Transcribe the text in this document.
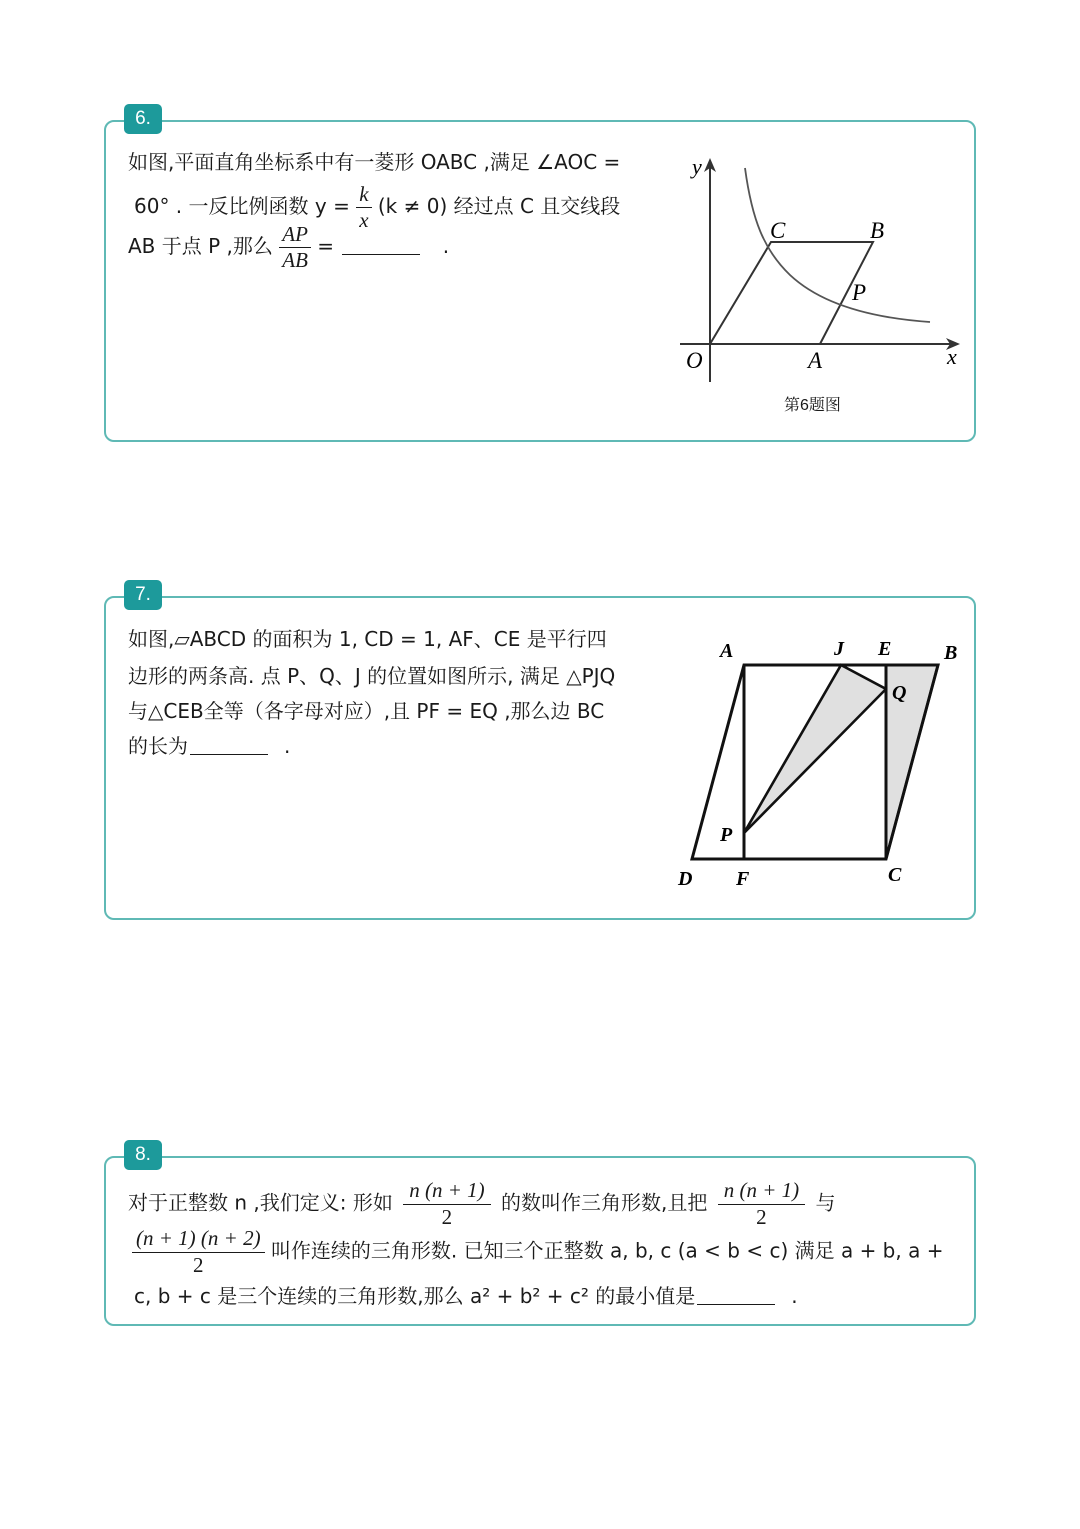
6.
如图,平面直角坐标系中有一菱形 OABC ,满足 ∠AOC =
60° . 一反比例函数 $y = \frac{k}{x} (k \ne 0)$ 经过点 C 且交线段
AB 于点 P ,那么 $\frac{AP}{AB}$ =	.
y
x
O	A
C	B
P
第6题图
7.
如图,▱ABCD 的面积为 1, CD = 1, AF、CE 是平行四
边形的两条高. 点 P、Q、J 的位置如图所示, 满足 △PJQ
与△CEB全等（各字母对应）,且 PF = EQ ,那么边 BC
的长为	.
A	J E	B
Q
P
D F	C
8.
对于正整数 n ,我们定义: 形如 $\frac{n (n + 1)}{2}$ 的数叫作三角形数,且把 $\frac{n (n + 1)}{2}$ 与
$\frac{(n + 1) (n + 2)}{2}$ 叫作连续的三角形数. 已知三个正整数 a, b, c (a < b < c) 满足 a + b, a +
c, b + c 是三个连续的三角形数,那么 a² + b² + c² 的最小值是	.
